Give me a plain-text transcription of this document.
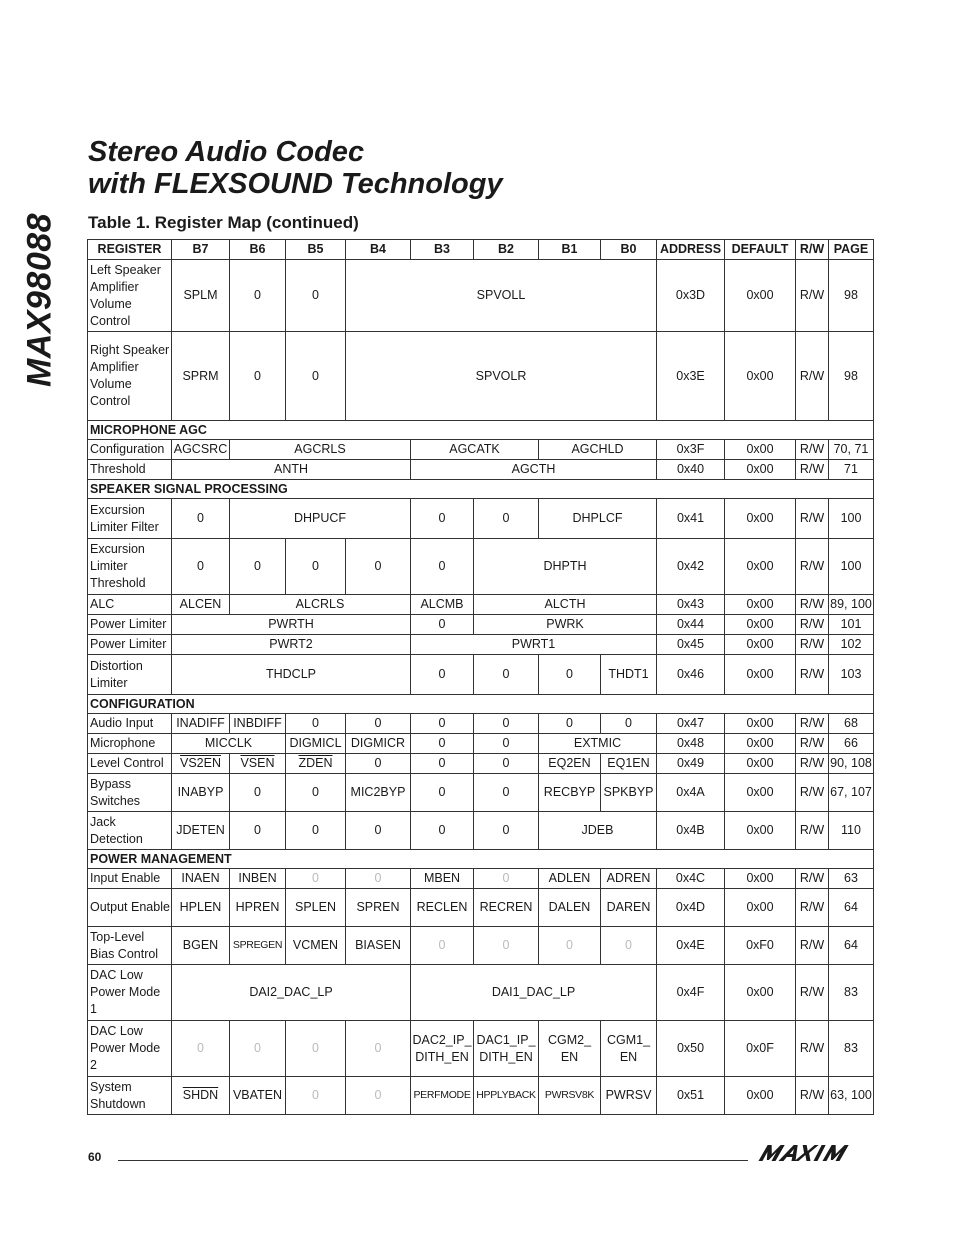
MAX98088
Stereo Audio Codec
with FLEXSOUND Technology
Table 1. Register Map (continued)
REGISTER	B7	B6	B5	B4	B3	B2	B1	B0	ADDRESS	DEFAULT	R/W	PAGE
Left Speaker Amplifier Volume Control	SPLM	0	0	SPVOLL					0x3D	0x00	R/W	98
Right Speaker Amplifier Volume Control	SPRM	0	0	SPVOLR					0x3E	0x00	R/W	98
MICROPHONE AGC												
Configuration	AGCSRC	AGCRLS			AGCATK		AGCHLD		0x3F	0x00	R/W	70, 71
Threshold	ANTH				AGCTH				0x40	0x00	R/W	71
SPEAKER SIGNAL PROCESSING												
Excursion Limiter Filter	0	DHPUCF			0	0	DHPLCF		0x41	0x00	R/W	100
Excursion Limiter Threshold	0	0	0	0	0	DHPTH			0x42	0x00	R/W	100
ALC	ALCEN	ALCRLS			ALCMB	ALCTH			0x43	0x00	R/W	89, 100
Power Limiter	PWRTH				0	PWRK			0x44	0x00	R/W	101
Power Limiter	PWRT2				PWRT1				0x45	0x00	R/W	102
Distortion Limiter	THDCLP				0	0	0	THDT1	0x46	0x00	R/W	103
CONFIGURATION												
Audio Input	INADIFF	INBDIFF	0	0	0	0	0	0	0x47	0x00	R/W	68
Microphone	MICCLK		DIGMICL	DIGMICR	0	0	EXTMIC		0x48	0x00	R/W	66
Level Control	VS2EN	VSEN	ZDEN	0	0	0	EQ2EN	EQ1EN	0x49	0x00	R/W	90, 108
Bypass Switches	INABYP	0	0	MIC2BYP	0	0	RECBYP	SPKBYP	0x4A	0x00	R/W	67, 107
Jack Detection	JDETEN	0	0	0	0	0	JDEB		0x4B	0x00	R/W	110
POWER MANAGEMENT												
Input Enable	INAEN	INBEN	0	0	MBEN	0	ADLEN	ADREN	0x4C	0x00	R/W	63
Output Enable	HPLEN	HPREN	SPLEN	SPREN	RECLEN	RECREN	DALEN	DAREN	0x4D	0x00	R/W	64
Top-Level Bias Control	BGEN	SPREGEN	VCMEN	BIASEN	0	0	0	0	0x4E	0xF0	R/W	64
DAC Low Power Mode 1	DAI2_DAC_LP				DAI1_DAC_LP				0x4F	0x00	R/W	83
DAC Low Power Mode 2	0	0	0	0	DAC2_IP_ DITH_EN	DAC1_IP_ DITH_EN	CGM2_ EN	CGM1_ EN	0x50	0x0F	R/W	83
System Shutdown	SHDN	VBATEN	0	0	PERFMODE	HPPLYBACK	PWRSV8K	PWRSV	0x51	0x00	R/W	63, 100
60
